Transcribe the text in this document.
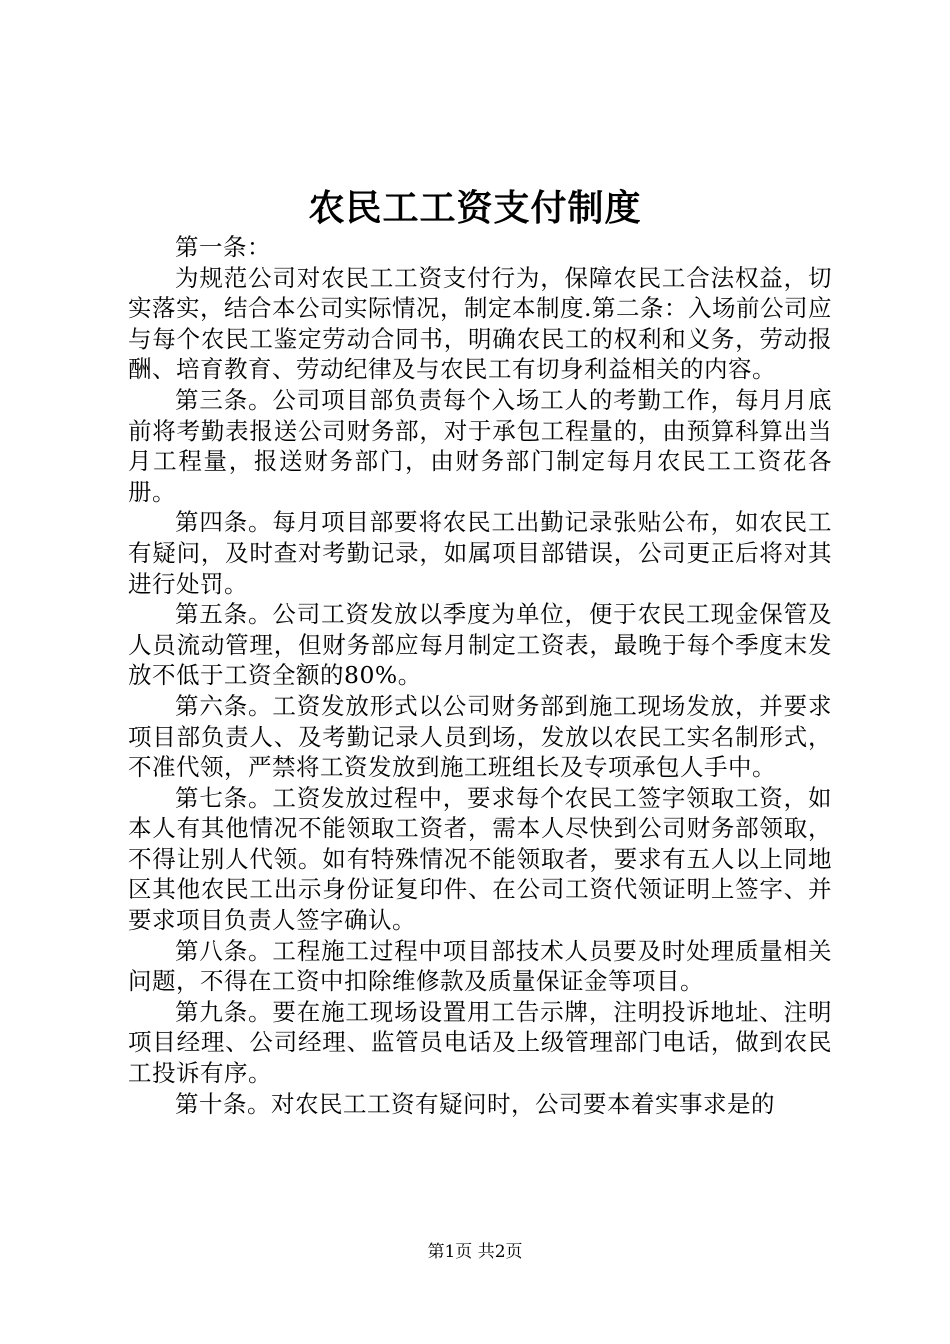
农民工工资支付制度

第一条：

为规范公司对农民工工资支付行为，保障农民工合法权益，切实落实，结合本公司实际情况，制定本制度.第二条：入场前公司应与每个农民工鉴定劳动合同书，明确农民工的权利和义务，劳动报酬、培育教育、劳动纪律及与农民工有切身利益相关的内容。

第三条。公司项目部负责每个入场工人的考勤工作，每月月底前将考勤表报送公司财务部，对于承包工程量的，由预算科算出当月工程量，报送财务部门，由财务部门制定每月农民工工资花各册。

第四条。每月项目部要将农民工出勤记录张贴公布，如农民工有疑问，及时查对考勤记录，如属项目部错误，公司更正后将对其进行处罚。

第五条。公司工资发放以季度为单位，便于农民工现金保管及人员流动管理，但财务部应每月制定工资表，最晚于每个季度末发放不低于工资全额的80%。

第六条。工资发放形式以公司财务部到施工现场发放，并要求项目部负责人、及考勤记录人员到场，发放以农民工实名制形式，不准代领，严禁将工资发放到施工班组长及专项承包人手中。

第七条。工资发放过程中，要求每个农民工签字领取工资，如本人有其他情况不能领取工资者，需本人尽快到公司财务部领取，不得让别人代领。如有特殊情况不能领取者，要求有五人以上同地区其他农民工出示身份证复印件、在公司工资代领证明上签字、并要求项目负责人签字确认。

第八条。工程施工过程中项目部技术人员要及时处理质量相关问题，不得在工资中扣除维修款及质量保证金等项目。

第九条。要在施工现场设置用工告示牌，注明投诉地址、注明项目经理、公司经理、监管员电话及上级管理部门电话，做到农民工投诉有序。

第十条。对农民工工资有疑问时，公司要本着实事求是的

第1页 共2页
